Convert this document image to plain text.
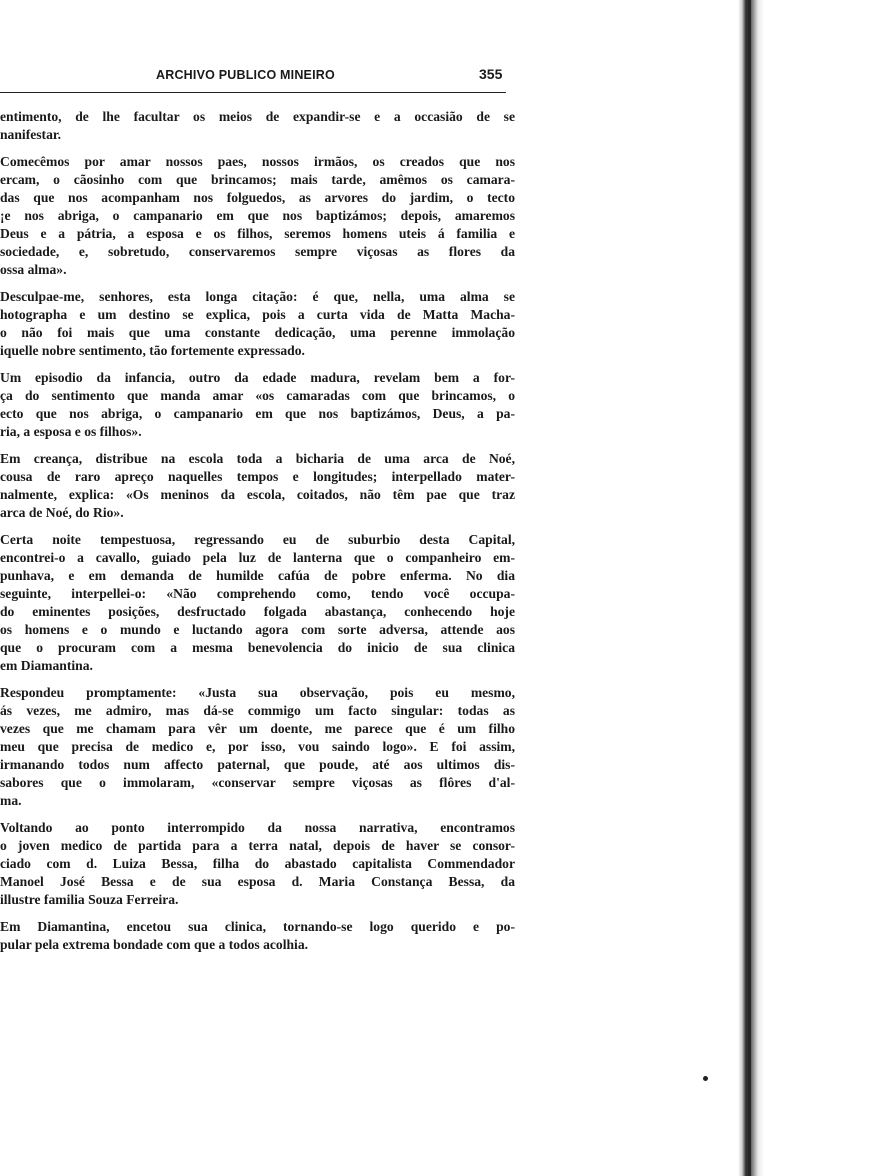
ARCHIVO PUBLICO MINEIRO	355
entimento, de lhe facultar os meios de expandir-se e a occasião de se
nanifestar.
Comecêmos por amar nossos paes, nossos irmãos, os creados que nos
ercam, o cãosinho com que brincamos; mais tarde, amêmos os camara-
das que nos acompanham nos folguedos, as arvores do jardim, o tecto
¡e nos abriga, o campanario em que nos baptizámos; depois, amaremos
Deus e a pátria, a esposa e os filhos, seremos homens uteis á familia e
sociedade, e, sobretudo, conservaremos sempre viçosas as flores da
ossa alma».
Desculpae-me, senhores, esta longa citação: é que, nella, uma alma se
hotographa e um destino se explica, pois a curta vida de Matta Macha-
o não foi mais que uma constante dedicação, uma perenne immolação
iquelle nobre sentimento, tão fortemente expressado.
Um episodio da infancia, outro da edade madura, revelam bem a for-
ça do sentimento que manda amar «os camaradas com que brincamos, o
ecto que nos abriga, o campanario em que nos baptizámos, Deus, a pa-
ria, a esposa e os filhos».
Em creança, distribue na escola toda a bicharia de uma arca de Noé,
cousa de raro apreço naquelles tempos e longitudes; interpellado mater-
nalmente, explica: «Os meninos da escola, coitados, não têm pae que traz
arca de Noé, do Rio».
Certa noite tempestuosa, regressando eu de suburbio desta Capital,
encontrei-o a cavallo, guiado pela luz de lanterna que o companheiro em-
punhava, e em demanda de humilde cafúa de pobre enferma. No dia
seguinte, interpellei-o: «Não comprehendo como, tendo você occupa-
do eminentes posições, desfructado folgada abastança, conhecendo hoje
os homens e o mundo e luctando agora com sorte adversa, attende aos
que o procuram com a mesma benevolencia do inicio de sua clinica
em Diamantina.
Respondeu promptamente: «Justa sua observação, pois eu mesmo,
ás vezes, me admiro, mas dá-se commigo um facto singular: todas as
vezes que me chamam para vêr um doente, me parece que é um filho
meu que precisa de medico e, por isso, vou saindo logo». E foi assim,
irmanando todos num affecto paternal, que poude, até aos ultimos dis-
sabores que o immolaram, «conservar sempre viçosas as flôres d'al-
ma.
Voltando ao ponto interrompido da nossa narrativa, encontramos
o joven medico de partida para a terra natal, depois de haver se consor-
ciado com d. Luiza Bessa, filha do abastado capitalista Commendador
Manoel José Bessa e de sua esposa d. Maria Constança Bessa, da
illustre familia Souza Ferreira.
Em Diamantina, encetou sua clinica, tornando-se logo querido e po-
pular pela extrema bondade com que a todos acolhia.
